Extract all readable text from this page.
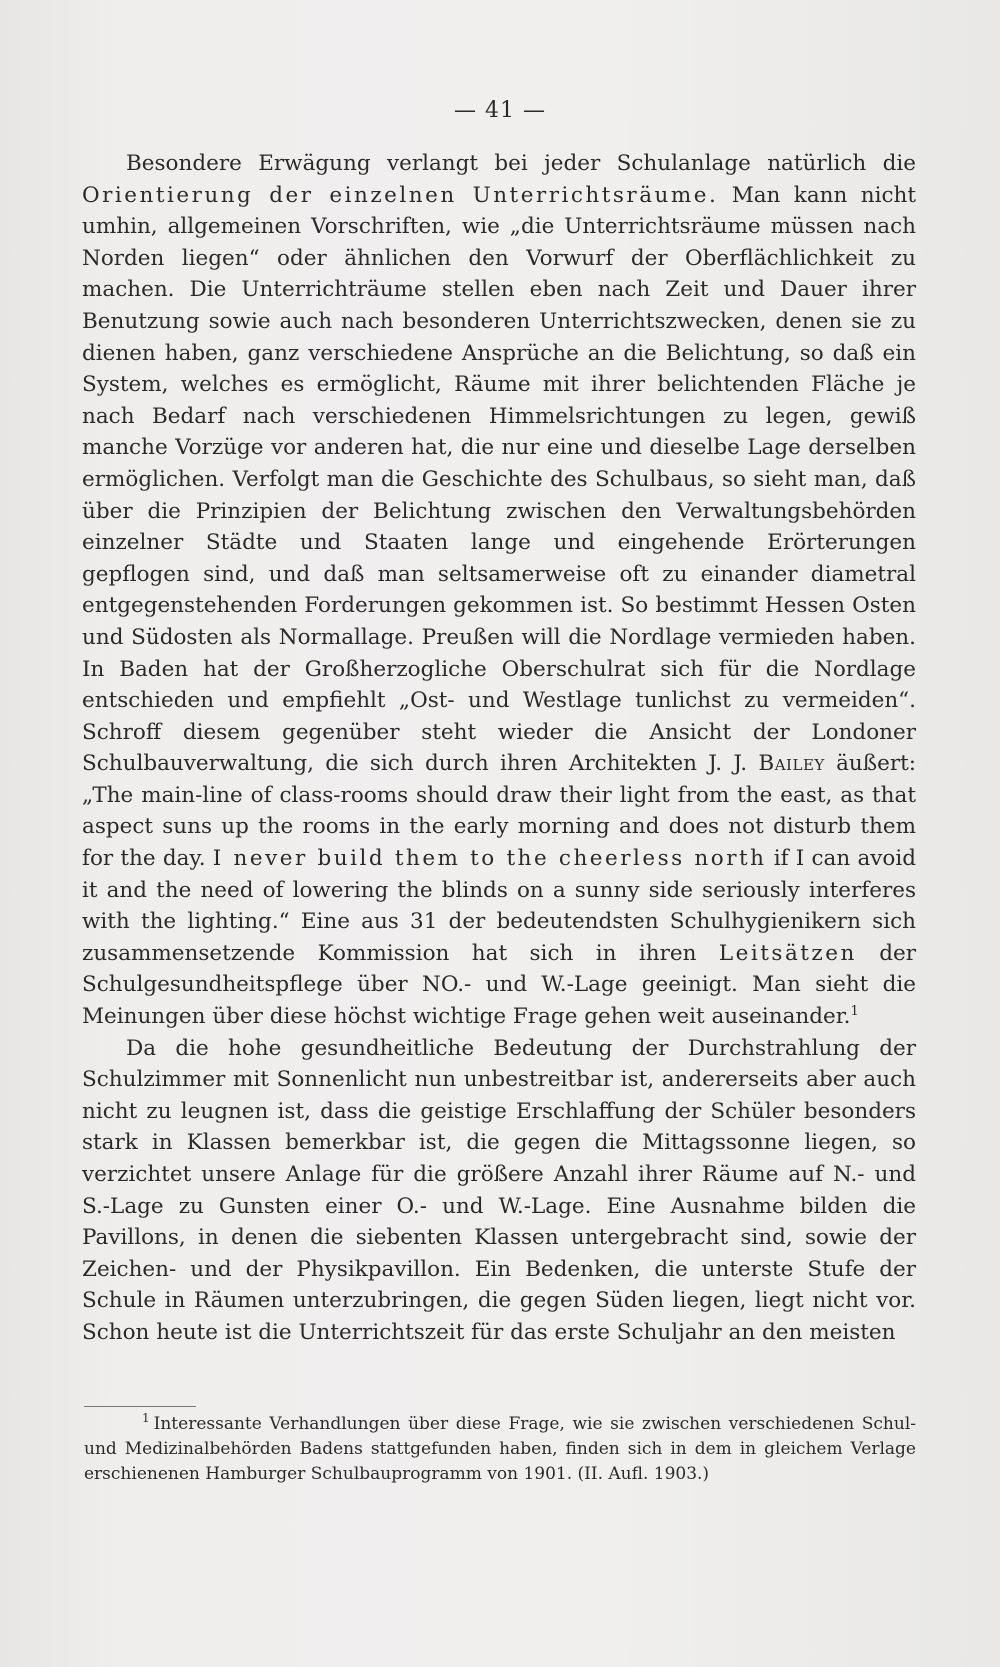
— 41 —

Besondere Erwägung verlangt bei jeder Schulanlage natürlich die Orientierung der einzelnen Unterrichtsräume. Man kann nicht umhin, allgemeinen Vorschriften, wie „die Unterrichtsräume müssen nach Norden liegen“ oder ähnlichen den Vorwurf der Oberflächlichkeit zu machen. Die Unterrichträume stellen eben nach Zeit und Dauer ihrer Benutzung sowie auch nach besonderen Unterrichtszwecken, denen sie zu dienen haben, ganz verschiedene Ansprüche an die Belichtung, so daß ein System, welches es ermöglicht, Räume mit ihrer belichtenden Fläche je nach Bedarf nach verschiedenen Himmelsrichtungen zu legen, gewiß manche Vorzüge vor anderen hat, die nur eine und dieselbe Lage derselben ermöglichen. Verfolgt man die Geschichte des Schulbaus, so sieht man, daß über die Prinzipien der Belichtung zwischen den Verwaltungsbehörden einzelner Städte und Staaten lange und eingehende Erörterungen gepflogen sind, und daß man seltsamerweise oft zu einander diametral entgegenstehenden Forderungen gekommen ist. So bestimmt Hessen Osten und Südosten als Normallage. Preußen will die Nordlage vermieden haben. In Baden hat der Großherzogliche Oberschulrat sich für die Nordlage entschieden und empfiehlt „Ost- und Westlage tunlichst zu vermeiden“. Schroff diesem gegenüber steht wieder die Ansicht der Londoner Schulbauverwaltung, die sich durch ihren Architekten J. J. Bailey äußert: „The main-line of class-rooms should draw their light from the east, as that aspect suns up the rooms in the early morning and does not disturb them for the day. I never build them to the cheerless north if I can avoid it and the need of lowering the blinds on a sunny side seriously interferes with the lighting.“ Eine aus 31 der bedeutendsten Schulhygienikern sich zusammensetzende Kommission hat sich in ihren Leitsätzen der Schulgesundheitspflege über NO.- und W.-Lage geeinigt. Man sieht die Meinungen über diese höchst wichtige Frage gehen weit auseinander.$^1$

Da die hohe gesundheitliche Bedeutung der Durchstrahlung der Schulzimmer mit Sonnenlicht nun unbestreitbar ist, andererseits aber auch nicht zu leugnen ist, dass die geistige Erschlaffung der Schüler besonders stark in Klassen bemerkbar ist, die gegen die Mittagssonne liegen, so verzichtet unsere Anlage für die größere Anzahl ihrer Räume auf N.- und S.-Lage zu Gunsten einer O.- und W.-Lage. Eine Ausnahme bilden die Pavillons, in denen die siebenten Klassen untergebracht sind, sowie der Zeichen- und der Physikpavillon. Ein Bedenken, die unterste Stufe der Schule in Räumen unterzubringen, die gegen Süden liegen, liegt nicht vor. Schon heute ist die Unterrichtszeit für das erste Schuljahr an den meisten

$^1$ Interessante Verhandlungen über diese Frage, wie sie zwischen verschiedenen Schul- und Medizinalbehörden Badens stattgefunden haben, finden sich in dem in gleichem Verlage erschienenen Hamburger Schulbauprogramm von 1901. (II. Aufl. 1903.)
